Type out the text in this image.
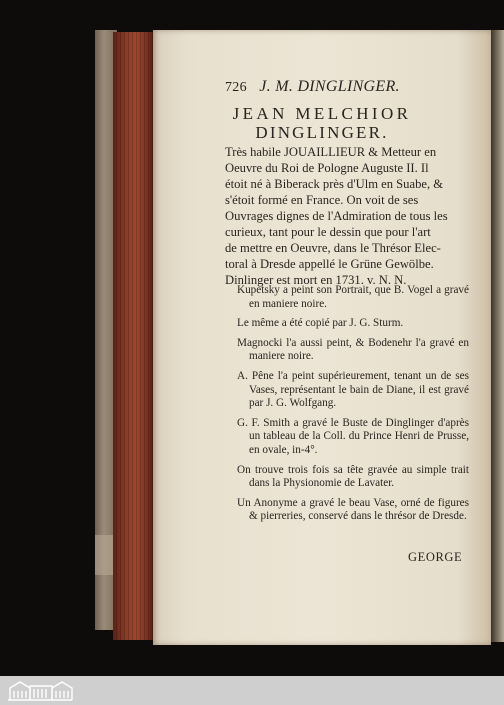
726 J. M. DINGLINGER.
JEAN MELCHIOR
DINGLINGER.
Très habile JOUAILLIEUR & Metteur en
Oeuvre du Roi de Pologne Auguste II. Il
étoit né à Biberack près d'Ulm en Suabe, &
s'étoit formé en France. On voit de ses
Ouvrages dignes de l'Admiration de tous les
curieux, tant pour le dessin que pour l'art
de mettre en Oeuvre, dans le Thrésor Elec-
toral à Dresde appellé le Grüne Gewölbe.
Dinlinger est mort en 1731. v. N. N.

Kupetsky a peint son Portrait, que B. Vogel a gravé en maniere noire.

Le même a été copié par J. G. Sturm.

Magnocki l'a aussi peint, & Bodenehr l'a gravé en maniere noire.

A. Pêne l'a peint supérieurement, tenant un de ses Vases, représentant le bain de Diane, il est gravé par J. G. Wolfgang.

G. F. Smith a gravé le Buste de Dinglinger d'après un tableau de la Coll. du Prince Henri de Prusse, en ovale, in-4°.

On trouve trois fois sa tête gravée au simple trait dans la Physionomie de Lavater.

Un Anonyme a gravé le beau Vase, orné de figures & pierreries, conservé dans le thrésor de Dresde.

GEORGE
